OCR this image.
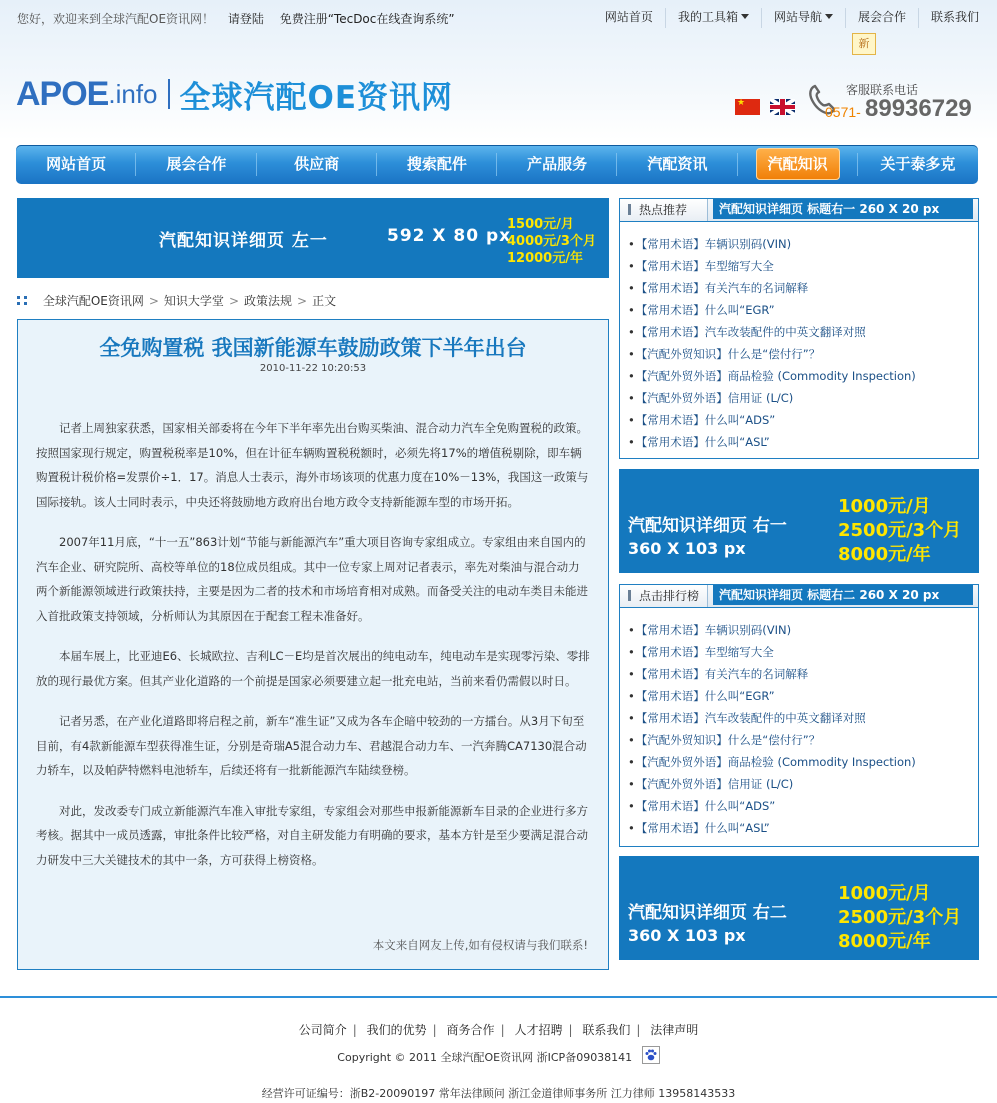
您好，欢迎来到全球汽配OE资讯网！ 请登陆 免费注册“TecDoc在线查询系统”	网站首页	我的工具箱	网站导航	展会合作	联系我们
新
APOE .info 全球汽配OE资讯网	★
客服联系电话
0571- 89936729
网站首页	展会合作	供应商	搜索配件	产品服务	汽配资讯	汽配知识	关于泰多克
汽配知识详细页 左一	592 X 80 px
1500元/月
4000元/3个月
12000元/年
全球汽配OE资讯网 > 知识大学堂 > 政策法规 > 正文
全免购置税 我国新能源车鼓励政策下半年出台
2010-11-22 10:20:53

记者上周独家获悉，国家相关部委将在今年下半年率先出台购买柴油、混合动力汽车全免购置税的政策。按照国家现行规定，购置税税率是10%，但在计征车辆购置税税额时，必须先将17%的增值税剔除，即车辆购置税计税价格=发票价÷1．17。消息人士表示，海外市场该项的优惠力度在10%－13%，我国这一政策与国际接轨。该人士同时表示，中央还将鼓励地方政府出台地方政令支持新能源车型的市场开拓。

2007年11月底，“十一五”863计划“节能与新能源汽车”重大项目咨询专家组成立。专家组由来自国内的汽车企业、研究院所、高校等单位的18位成员组成。其中一位专家上周对记者表示，率先对柴油与混合动力两个新能源领域进行政策扶持，主要是因为二者的技术和市场培育相对成熟。而备受关注的电动车类目未能进入首批政策支持领域，分析师认为其原因在于配套工程未准备好。

本届车展上，比亚迪E6、长城欧拉、吉利LC－E均是首次展出的纯电动车，纯电动车是实现零污染、零排放的现行最优方案。但其产业化道路的一个前提是国家必须要建立起一批充电站，当前来看仍需假以时日。

记者另悉，在产业化道路即将启程之前，新车“准生证”又成为各车企暗中较劲的一方擂台。从3月下旬至目前，有4款新能源车型获得准生证，分别是奇瑞A5混合动力车、君越混合动力车、一汽奔腾CA7130混合动力轿车，以及帕萨特燃料电池轿车，后续还将有一批新能源汽车陆续登榜。

对此，发改委专门成立新能源汽车准入审批专家组，专家组会对那些申报新能源新车目录的企业进行多方考核。据其中一成员透露，审批条件比较严格，对自主研发能力有明确的要求，基本方针是至少要满足混合动力研发中三大关键技术的其中一条，方可获得上榜资格。

本文来自网友上传,如有侵权请与我们联系!
热点推荐	汽配知识详细页 标题右一 260 X 20 px
• 【常用术语】车辆识别码(VIN)
• 【常用术语】车型缩写大全
• 【常用术语】有关汽车的名词解释
• 【常用术语】什么叫“EGR”
• 【常用术语】汽车改装配件的中英文翻译对照
• 【汽配外贸知识】什么是“偿付行”？
• 【汽配外贸外语】商品检验 (Commodity Inspection)
• 【汽配外贸外语】信用证 (L/C)
• 【常用术语】什么叫“ADS”
• 【常用术语】什么叫“ASL”
汽配知识详细页 右一
360 X 103 px
1000元/月
2500元/3个月
8000元/年
点击排行榜	汽配知识详细页 标题右二 260 X 20 px
• 【常用术语】车辆识别码(VIN)
• 【常用术语】车型缩写大全
• 【常用术语】有关汽车的名词解释
• 【常用术语】什么叫“EGR”
• 【常用术语】汽车改装配件的中英文翻译对照
• 【汽配外贸知识】什么是“偿付行”？
• 【汽配外贸外语】商品检验 (Commodity Inspection)
• 【汽配外贸外语】信用证 (L/C)
• 【常用术语】什么叫“ADS”
• 【常用术语】什么叫“ASL”
汽配知识详细页 右二
360 X 103 px
1000元/月
2500元/3个月
8000元/年
公司简介 | 我们的优势 | 商务合作 | 人才招聘 | 联系我们 | 法律声明
Copyright © 2011 全球汽配OE资讯网 浙ICP备09038141
经营许可证编号：浙B2-20090197 常年法律顾问 浙江金道律师事务所 江力律师 13958143533
